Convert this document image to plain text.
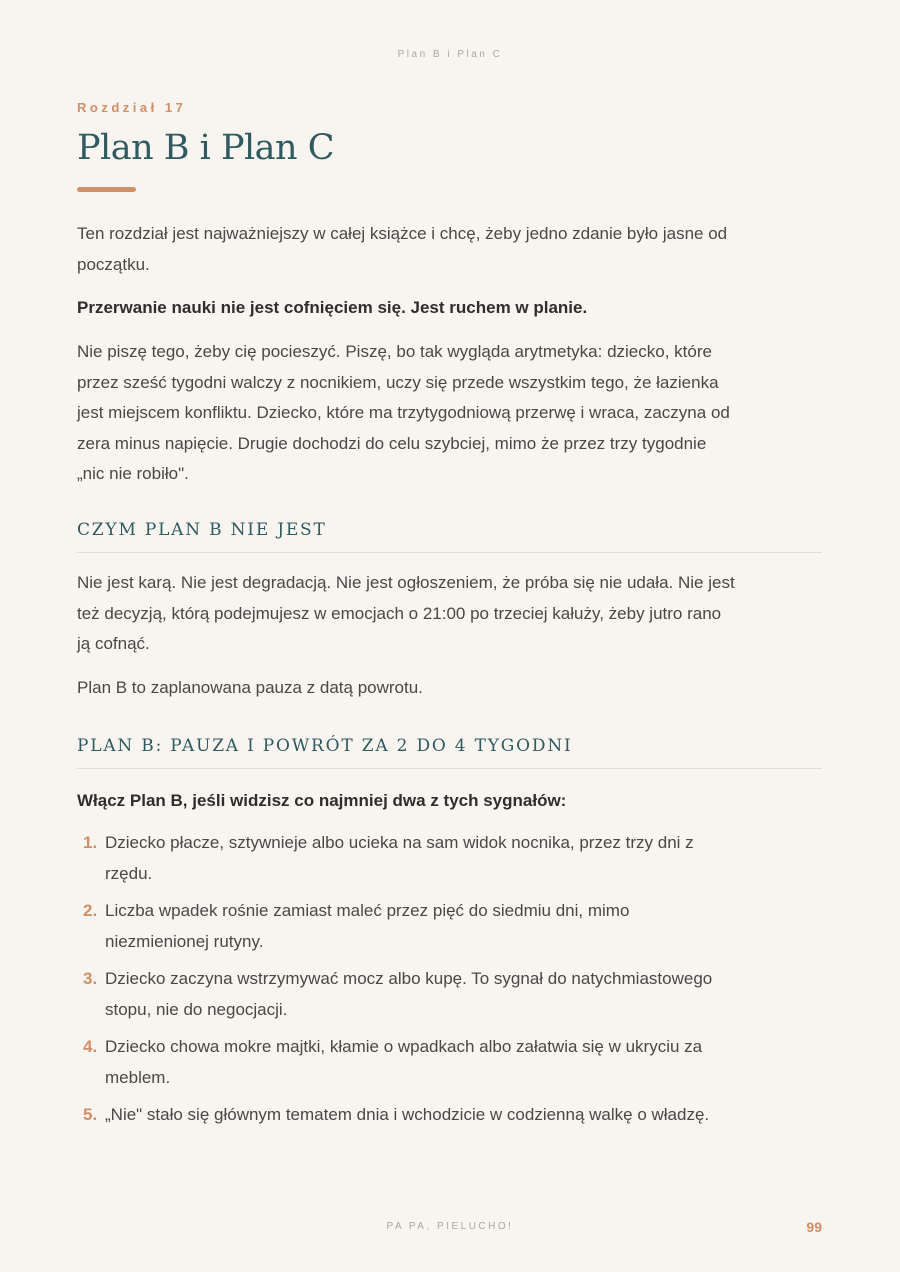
Plan B i Plan C
Rozdział 17
Plan B i Plan C

Ten rozdział jest najważniejszy w całej książce i chcę, żeby jedno zdanie było jasne od początku.

Przerwanie nauki nie jest cofnięciem się. Jest ruchem w planie.

Nie piszę tego, żeby cię pocieszyć. Piszę, bo tak wygląda arytmetyka: dziecko, które przez sześć tygodni walczy z nocnikiem, uczy się przede wszystkim tego, że łazienka jest miejscem konfliktu. Dziecko, które ma trzytygodniową przerwę i wraca, zaczyna od zera minus napięcie. Drugie dochodzi do celu szybciej, mimo że przez trzy tygodnie „nic nie robiło".

CZYM PLAN B NIE JEST

Nie jest karą. Nie jest degradacją. Nie jest ogłoszeniem, że próba się nie udała. Nie jest też decyzją, którą podejmujesz w emocjach o 21:00 po trzeciej kałuży, żeby jutro rano ją cofnąć.

Plan B to zaplanowana pauza z datą powrotu.

PLAN B: PAUZA I POWRÓT ZA 2 DO 4 TYGODNI

Włącz Plan B, jeśli widzisz co najmniej dwa z tych sygnałów:

1. Dziecko płacze, sztywnieje albo ucieka na sam widok nocnika, przez trzy dni z rzędu.
2. Liczba wpadek rośnie zamiast maleć przez pięć do siedmiu dni, mimo niezmienionej rutyny.
3. Dziecko zaczyna wstrzymywać mocz albo kupę. To sygnał do natychmiastowego stopu, nie do negocjacji.
4. Dziecko chowa mokre majtki, kłamie o wpadkach albo załatwia się w ukryciu za meblem.
5. „Nie" stało się głównym tematem dnia i wchodzicie w codzienną walkę o władzę.
PA PA, PIELUCHO!	99
